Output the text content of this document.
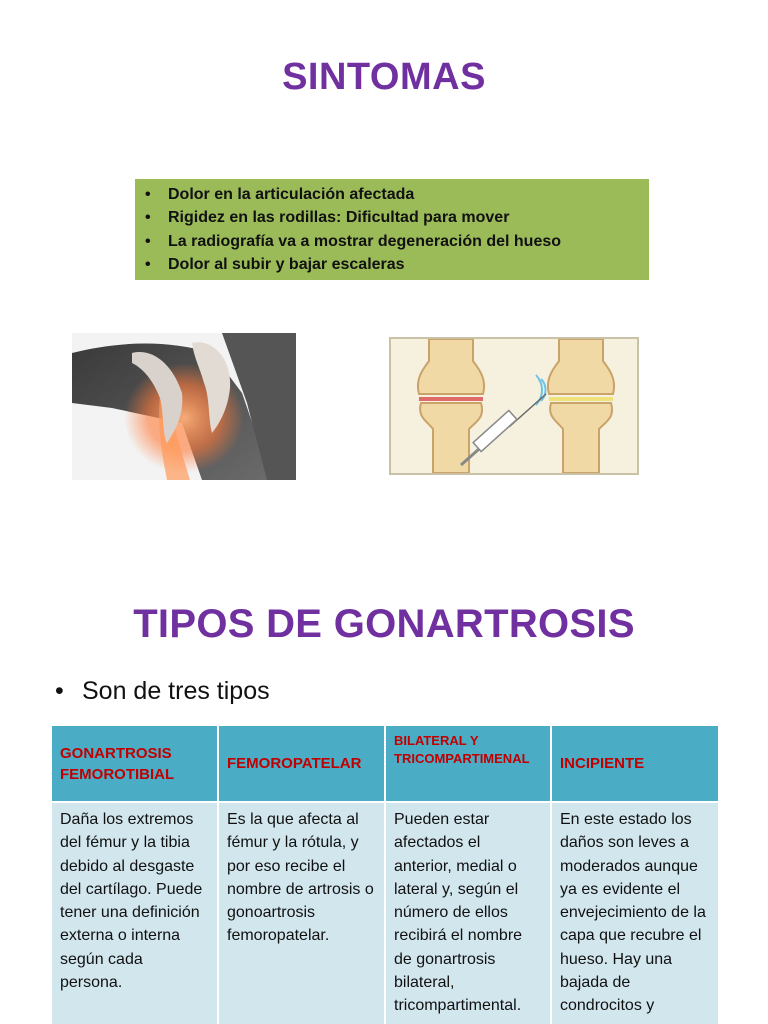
SINTOMAS
• Dolor en la articulación afectada
• Rigidez en las rodillas: Dificultad para mover
• La radiografía va a mostrar degeneración del hueso
• Dolor al subir y bajar escaleras
TIPOS DE GONARTROSIS
• Son de tres tipos
GONARTROSIS FEMOROTIBIAL	FEMOROPATELAR	BILATERAL Y TRICOMPARTIMENAL	INCIPIENTE
Daña los extremos del fémur y la tibia debido al desgaste del cartílago. Puede tener una definición externa o interna según cada persona.	Es la que afecta al fémur y la rótula, y por eso recibe el nombre de artrosis o gonoartrosis femoropatelar.	Pueden estar afectados el anterior, medial o lateral y, según el número de ellos recibirá el nombre de gonartrosis bilateral, tricompartimental.	En este estado los daños son leves a moderados aunque ya es evidente el envejecimiento de la capa que recubre el hueso. Hay una bajada de condrocitos y
